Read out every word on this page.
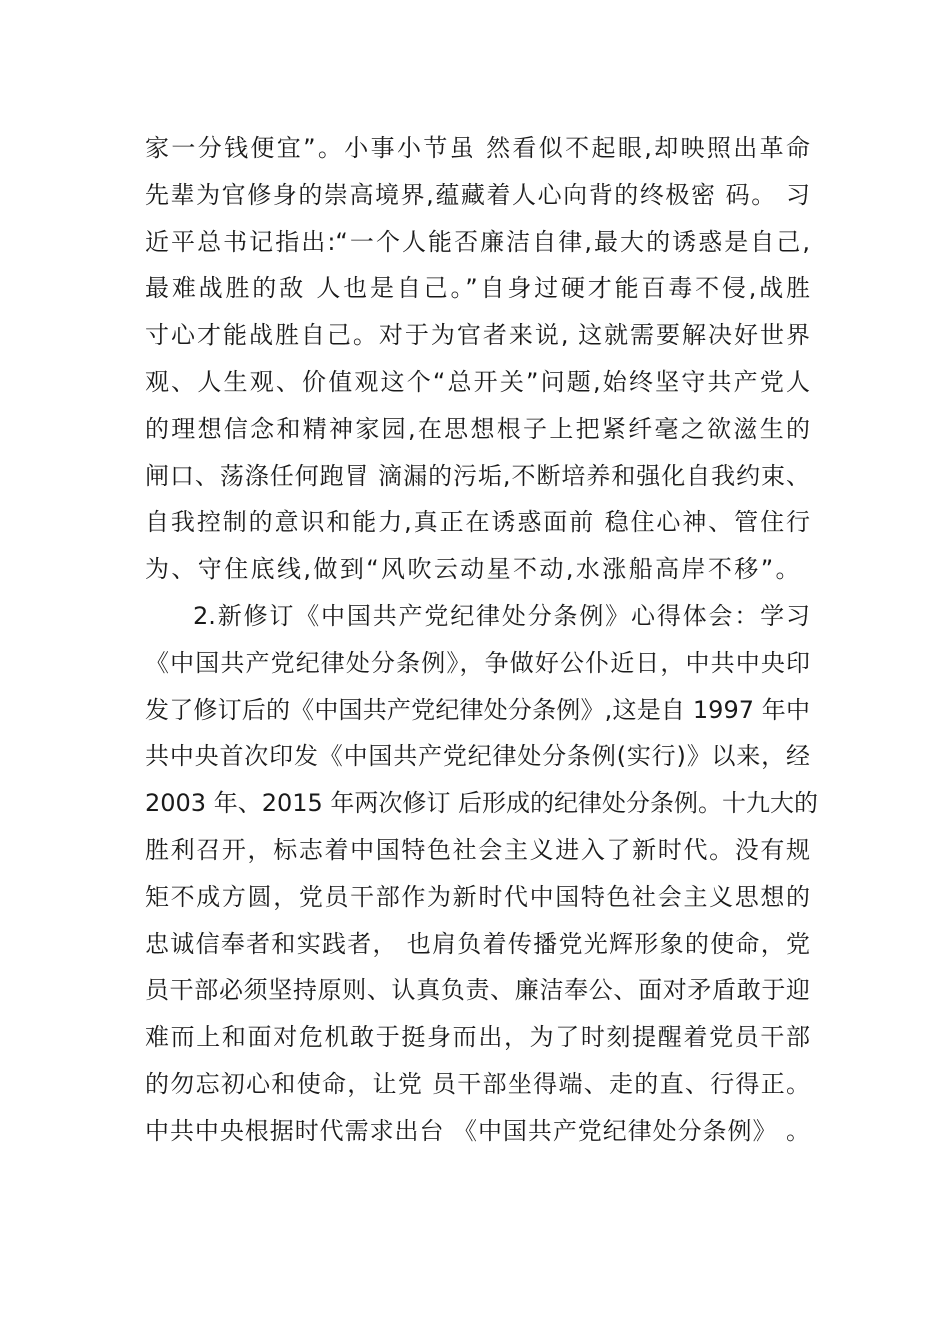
家一分钱便宜”。小事小节虽 然看似不起眼,却映照出革命
先辈为官修身的崇高境界,蕴藏着人心向背的终极密 码。 习
近平总书记指出:“一个人能否廉洁自律,最大的诱惑是自己,
最难战胜的敌 人也是自己。”自身过硬才能百毒不侵,战胜
寸心才能战胜自己。对于为官者来说, 这就需要解决好世界
观、人生观、价值观这个“总开关”问题,始终坚守共产党人
的理想信念和精神家园,在思想根子上把紧纤毫之欲滋生的
闸口、荡涤任何跑冒 滴漏的污垢,不断培养和强化自我约束、
自我控制的意识和能力,真正在诱惑面前 稳住心神、管住行
为、守住底线,做到“风吹云动星不动,水涨船高岸不移”。
2.新修订《中国共产党纪律处分条例》心得体会：学习
《中国共产党纪律处分条例》，争做好公仆近日，中共中央印
发了修订后的《中国共产党纪律处分条例》,这是自 1997 年中
共中央首次印发《中国共产党纪律处分条例(实行)》以来，经
2003 年、2015 年两次修订 后形成的纪律处分条例。十九大的
胜利召开，标志着中国特色社会主义进入了新时代。没有规
矩不成方圆，党员干部作为新时代中国特色社会主义思想的
忠诚信奉者和实践者， 也肩负着传播党光辉形象的使命，党
员干部必须坚持原则、认真负责、廉洁奉公、面对矛盾敢于迎
难而上和面对危机敢于挺身而出，为了时刻提醒着党员干部
的勿忘初心和使命，让党 员干部坐得端、走的直、行得正。
中共中央根据时代需求出台 《中国共产党纪律处分条例》 。
